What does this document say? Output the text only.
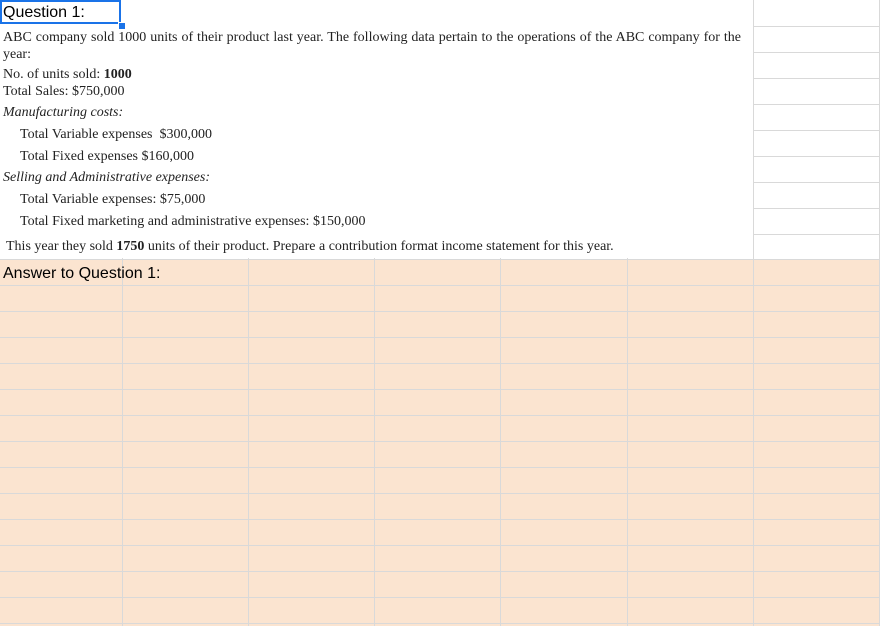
Question 1:
ABC company sold 1000 units of their product last year. The following data pertain to the operations of the ABC company for the year:
No. of units sold: 1000
Total Sales: $750,000
Manufacturing costs:
Total Variable expenses  $300,000
Total Fixed expenses $160,000
Selling and Administrative expenses:
Total Variable expenses: $75,000
Total Fixed marketing and administrative expenses: $150,000
This year they sold 1750 units of their product. Prepare a contribution format income statement for this year.
Answer to Question 1:
